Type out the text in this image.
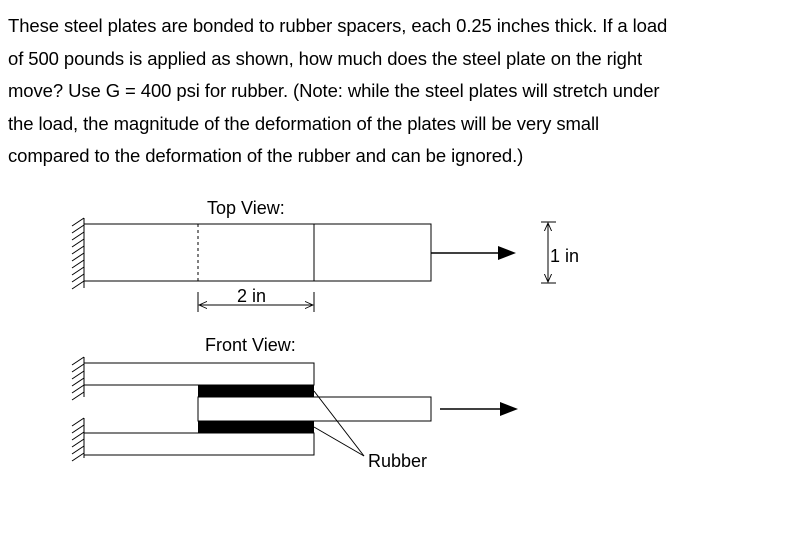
These steel plates are bonded to rubber spacers, each 0.25 inches thick. If a load
of 500 pounds is applied as shown, how much does the steel plate on the right
move? Use G = 400 psi for rubber. (Note: while the steel plates will stretch under
the load, the magnitude of the deformation of the plates will be very small
compared to the deformation of the rubber and can be ignored.)
Top View:
1 in
2 in
Front View:
Rubber
